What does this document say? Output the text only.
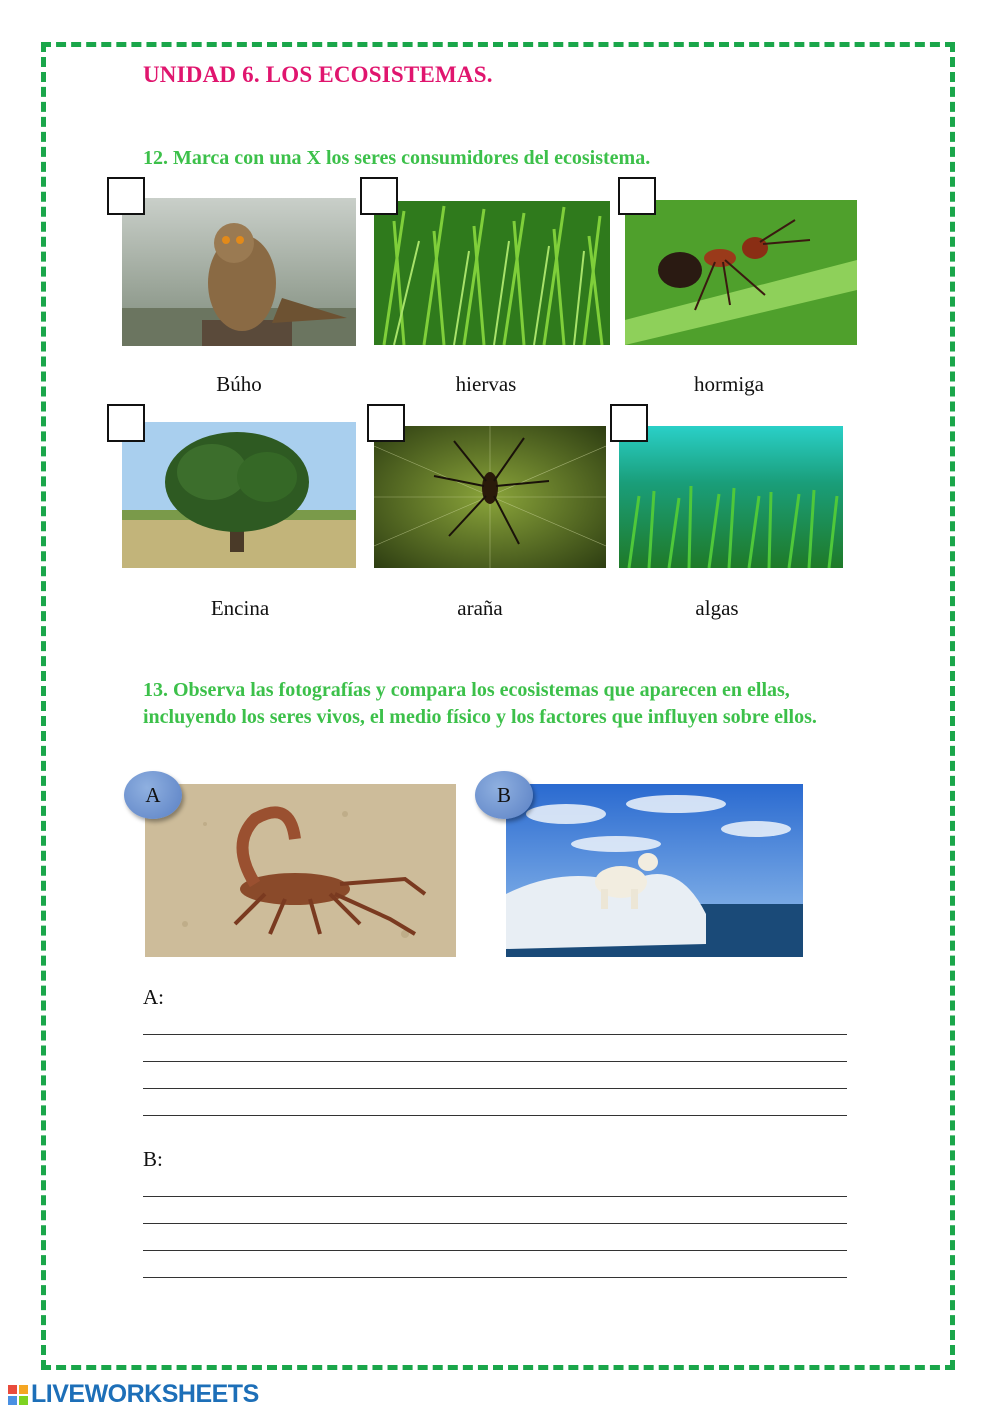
UNIDAD 6. LOS ECOSISTEMAS.
12. Marca con una X los seres consumidores del ecosistema.
Búho	hiervas	hormiga
Encina	araña	algas
13. Observa las fotografías y compara los ecosistemas que aparecen en ellas, incluyendo los seres vivos, el medio físico y los factores que influyen sobre ellos.
A	B
A:
B:
LIVEWORKSHEETS
